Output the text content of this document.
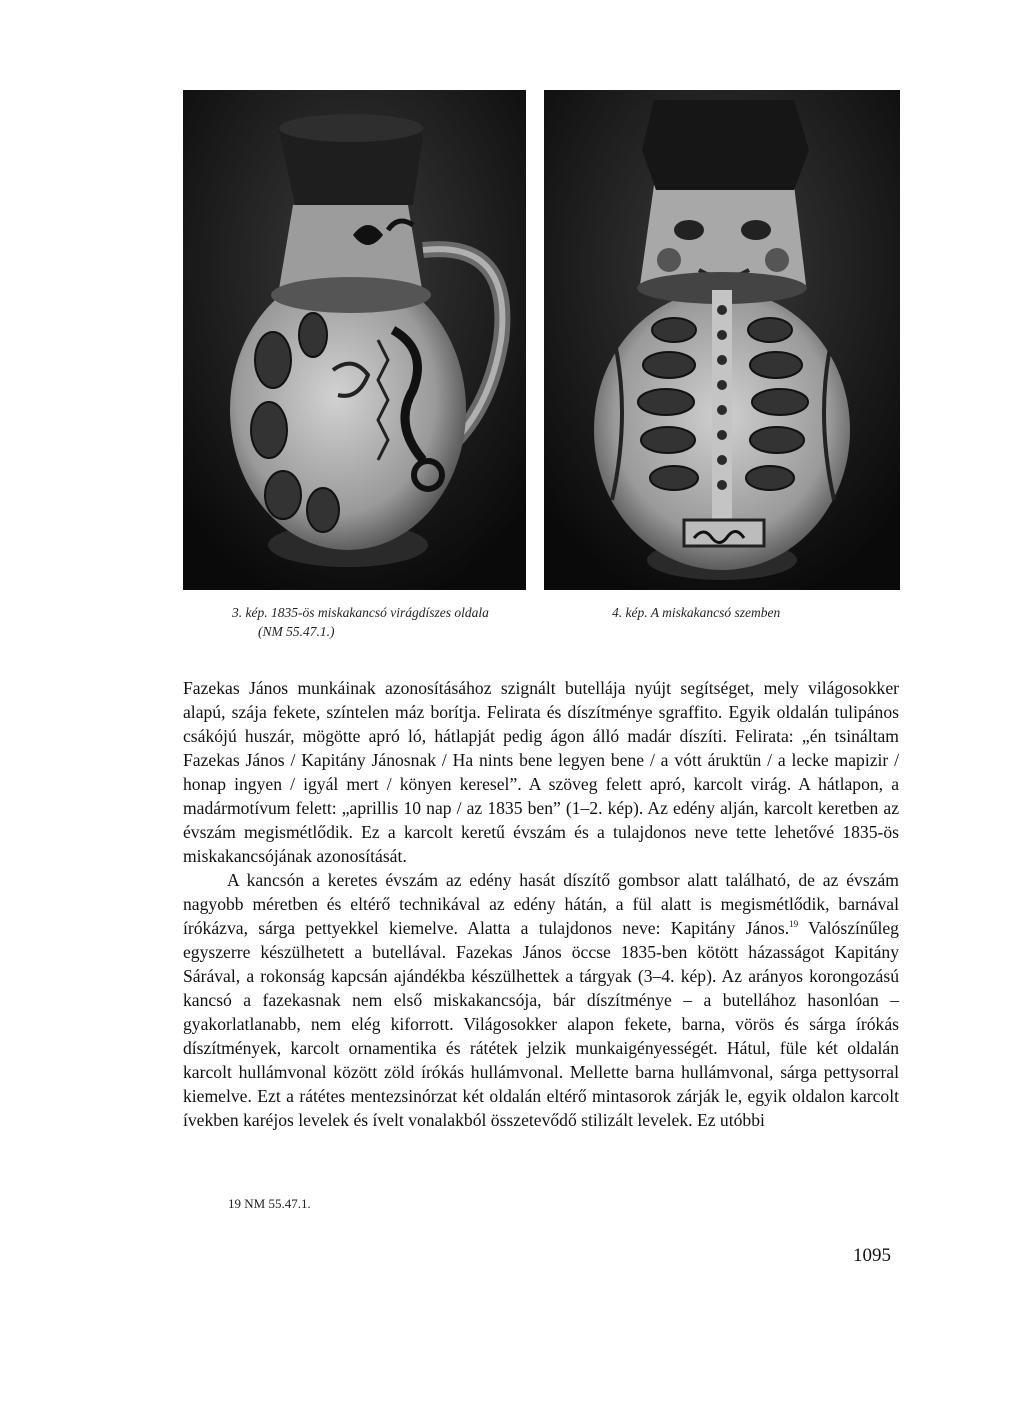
3. kép. 1835-ös miskakancsó virágdíszes oldala
(NM 55.47.1.)
4. kép. A miskakancsó szemben

Fazekas János munkáinak azonosításához szignált butellája nyújt segítséget, mely világosokker alapú, szája fekete, színtelen máz borítja. Felirata és díszítménye sgraffito. Egyik oldalán tulipános csákójú huszár, mögötte apró ló, hátlapját pedig ágon álló madár díszíti. Felirata: „én tsináltam Fazekas János / Kapitány Jánosnak / Ha nints bene legyen bene / a vótt áruktün / a lecke mapizir / honap ingyen / igyál mert / könyen keresel”. A szöveg felett apró, karcolt virág. A hátlapon, a madármotívum felett: „aprillis 10 nap / az 1835 ben” (1–2. kép). Az edény alján, karcolt keretben az évszám megismétlődik. Ez a karcolt keretű évszám és a tulajdonos neve tette lehetővé 1835-ös miskakancsójának azonosítását.

A kancsón a keretes évszám az edény hasát díszítő gombsor alatt található, de az évszám nagyobb méretben és eltérő technikával az edény hátán, a fül alatt is megismétlődik, barnával írókázva, sárga pettyekkel kiemelve. Alatta a tulajdonos neve: Kapitány János.$^{19}$ Valószínűleg egyszerre készülhetett a butellával. Fazekas János öccse 1835-ben kötött házasságot Kapitány Sárával, a rokonság kapcsán ajándékba készülhettek a tárgyak (3–4. kép). Az arányos korongozású kancsó a fazekasnak nem első miskakancsója, bár díszítménye – a butellához hasonlóan – gyakorlatlanabb, nem elég kiforrott. Világosokker alapon fekete, barna, vörös és sárga írókás díszítmények, karcolt ornamentika és rátétek jelzik munkaigényességét. Hátul, füle két oldalán karcolt hullámvonal között zöld írókás hullámvonal. Mellette barna hullámvonal, sárga pettysorral kiemelve. Ezt a rátétes mentezsinórzat két oldalán eltérő mintasorok zárják le, egyik oldalon karcolt ívekben karéjos levelek és ívelt vonalakból összetevődő stilizált levelek. Ez utóbbi

19 NM 55.47.1.
1095
